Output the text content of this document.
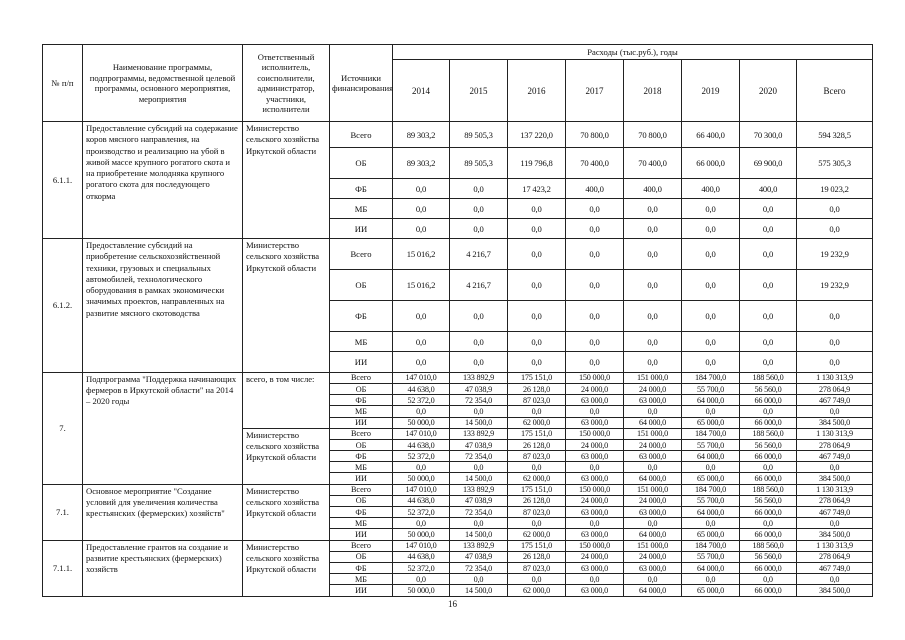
№ п/п	Наименование программы, подпрограммы, ведомственной целевой программы, основного мероприятия, мероприятия	Ответственный исполнитель, соисполнители, администратор, участники, исполнители	Источники финансирования	Расходы (тыс.руб.), годы							
				2014	2015	2016	2017	2018	2019	2020	Всего
6.1.1.	Предоставление субсидий на содержание коров мясного направления, на производство и реализацию на убой в живой массе крупного рогатого скота и на приобретение молодняка крупного рогатого скота для последующего откорма	Министерство сельского хозяйства Иркутской области	Всего	89 303,2	89 505,3	137 220,0	70 800,0	70 800,0	66 400,0	70 300,0	594 328,5
			ОБ	89 303,2	89 505,3	119 796,8	70 400,0	70 400,0	66 000,0	69 900,0	575 305,3
			ФБ	0,0	0,0	17 423,2	400,0	400,0	400,0	400,0	19 023,2
			МБ	0,0	0,0	0,0	0,0	0,0	0,0	0,0	0,0
			ИИ	0,0	0,0	0,0	0,0	0,0	0,0	0,0	0,0
6.1.2.	Предоставление субсидий на приобретение сельскохозяйственной техники, грузовых и специальных автомобилей, технологического оборудования в рамках экономически значимых проектов, направленных на развитие мясного скотоводства	Министерство сельского хозяйства Иркутской области	Всего	15 016,2	4 216,7	0,0	0,0	0,0	0,0	0,0	19 232,9
			ОБ	15 016,2	4 216,7	0,0	0,0	0,0	0,0	0,0	19 232,9
			ФБ	0,0	0,0	0,0	0,0	0,0	0,0	0,0	0,0
			МБ	0,0	0,0	0,0	0,0	0,0	0,0	0,0	0,0
			ИИ	0,0	0,0	0,0	0,0	0,0	0,0	0,0	0,0
7.	Подпрограмма "Поддержка начинающих фермеров в Иркутской области" на 2014 – 2020 годы	всего, в том числе:	Всего	147 010,0	133 892,9	175 151,0	150 000,0	151 000,0	184 700,0	188 560,0	1 130 313,9
			ОБ	44 638,0	47 038,9	26 128,0	24 000,0	24 000,0	55 700,0	56 560,0	278 064,9
			ФБ	52 372,0	72 354,0	87 023,0	63 000,0	63 000,0	64 000,0	66 000,0	467 749,0
			МБ	0,0	0,0	0,0	0,0	0,0	0,0	0,0	0,0
			ИИ	50 000,0	14 500,0	62 000,0	63 000,0	64 000,0	65 000,0	66 000,0	384 500,0
		Министерство сельского хозяйства Иркутской области	Всего	147 010,0	133 892,9	175 151,0	150 000,0	151 000,0	184 700,0	188 560,0	1 130 313,9
			ОБ	44 638,0	47 038,9	26 128,0	24 000,0	24 000,0	55 700,0	56 560,0	278 064,9
			ФБ	52 372,0	72 354,0	87 023,0	63 000,0	63 000,0	64 000,0	66 000,0	467 749,0
			МБ	0,0	0,0	0,0	0,0	0,0	0,0	0,0	0,0
			ИИ	50 000,0	14 500,0	62 000,0	63 000,0	64 000,0	65 000,0	66 000,0	384 500,0
7.1.	Основное мероприятие "Создание условий для увеличения количества крестьянских (фермерских) хозяйств"	Министерство сельского хозяйства Иркутской области	Всего	147 010,0	133 892,9	175 151,0	150 000,0	151 000,0	184 700,0	188 560,0	1 130 313,9
			ОБ	44 638,0	47 038,9	26 128,0	24 000,0	24 000,0	55 700,0	56 560,0	278 064,9
			ФБ	52 372,0	72 354,0	87 023,0	63 000,0	63 000,0	64 000,0	66 000,0	467 749,0
			МБ	0,0	0,0	0,0	0,0	0,0	0,0	0,0	0,0
			ИИ	50 000,0	14 500,0	62 000,0	63 000,0	64 000,0	65 000,0	66 000,0	384 500,0
7.1.1.	Предоставление грантов на создание и развитие крестьянских (фермерских) хозяйств	Министерство сельского хозяйства Иркутской области	Всего	147 010,0	133 892,9	175 151,0	150 000,0	151 000,0	184 700,0	188 560,0	1 130 313,9
			ОБ	44 638,0	47 038,9	26 128,0	24 000,0	24 000,0	55 700,0	56 560,0	278 064,9
			ФБ	52 372,0	72 354,0	87 023,0	63 000,0	63 000,0	64 000,0	66 000,0	467 749,0
			МБ	0,0	0,0	0,0	0,0	0,0	0,0	0,0	0,0
			ИИ	50 000,0	14 500,0	62 000,0	63 000,0	64 000,0	65 000,0	66 000,0	384 500,0
16
